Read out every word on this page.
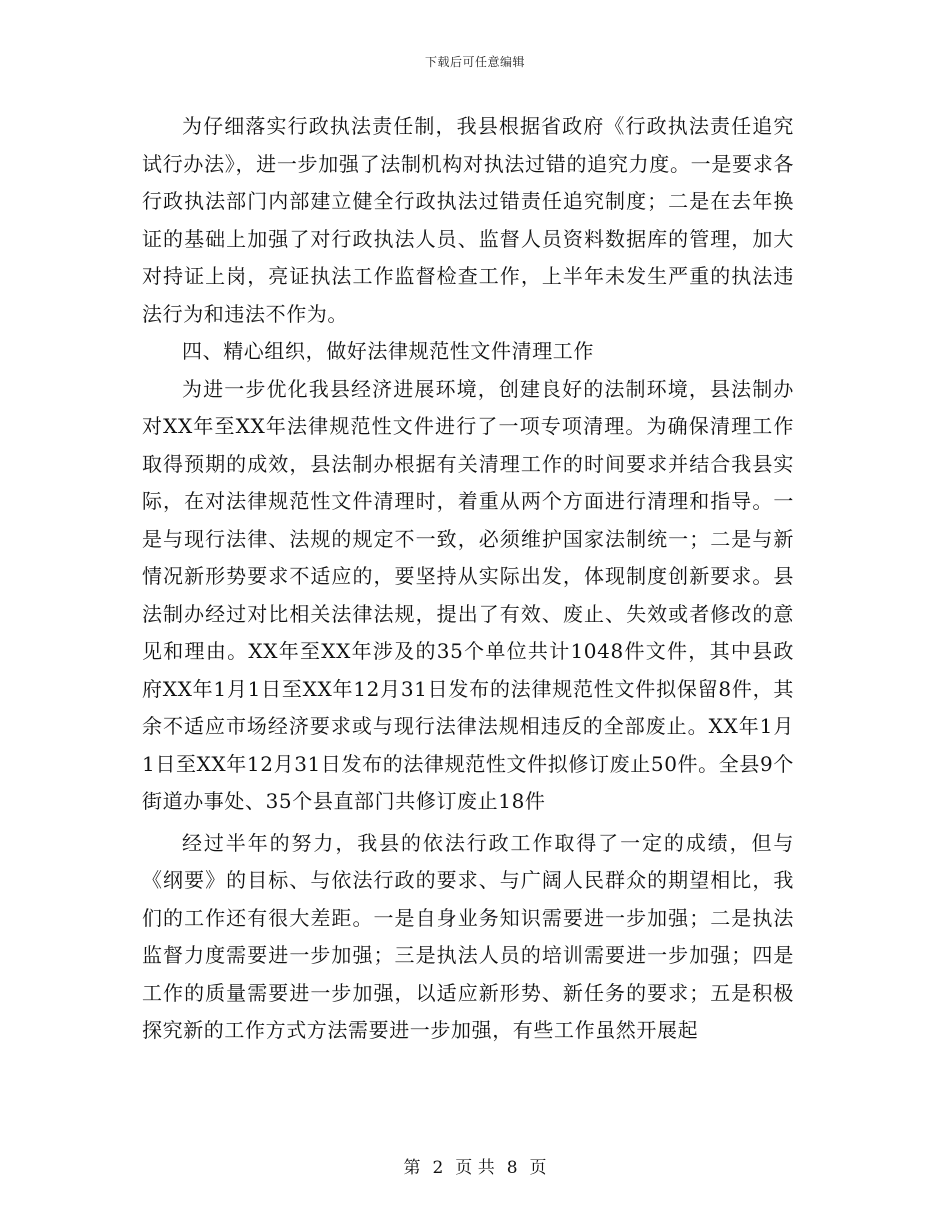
下载后可任意编辑

为仔细落实行政执法责任制，我县根据省政府《行政执法责任追究试行办法》，进一步加强了法制机构对执法过错的追究力度。一是要求各行政执法部门内部建立健全行政执法过错责任追究制度；二是在去年换证的基础上加强了对行政执法人员、监督人员资料数据库的管理，加大对持证上岗，亮证执法工作监督检查工作，上半年未发生严重的执法违法行为和违法不作为。

四、精心组织，做好法律规范性文件清理工作

为进一步优化我县经济进展环境，创建良好的法制环境，县法制办对XX年至XX年法律规范性文件进行了一项专项清理。为确保清理工作取得预期的成效，县法制办根据有关清理工作的时间要求并结合我县实际，在对法律规范性文件清理时，着重从两个方面进行清理和指导。一是与现行法律、法规的规定不一致，必须维护国家法制统一；二是与新情况新形势要求不适应的，要坚持从实际出发，体现制度创新要求。县法制办经过对比相关法律法规，提出了有效、废止、失效或者修改的意见和理由。XX年至XX年涉及的35个单位共计1048件文件，其中县政府XX年1月1日至XX年12月31日发布的法律规范性文件拟保留8件，其余不适应市场经济要求或与现行法律法规相违反的全部废止。XX年1月1日至XX年12月31日发布的法律规范性文件拟修订废止50件。全县9个街道办事处、35个县直部门共修订废止18件

经过半年的努力，我县的依法行政工作取得了一定的成绩，但与《纲要》的目标、与依法行政的要求、与广阔人民群众的期望相比，我们的工作还有很大差距。一是自身业务知识需要进一步加强；二是执法监督力度需要进一步加强；三是执法人员的培训需要进一步加强；四是工作的质量需要进一步加强，以适应新形势、新任务的要求；五是积极探究新的工作方式方法需要进一步加强，有些工作虽然开展起

第 2 页 共 8 页
